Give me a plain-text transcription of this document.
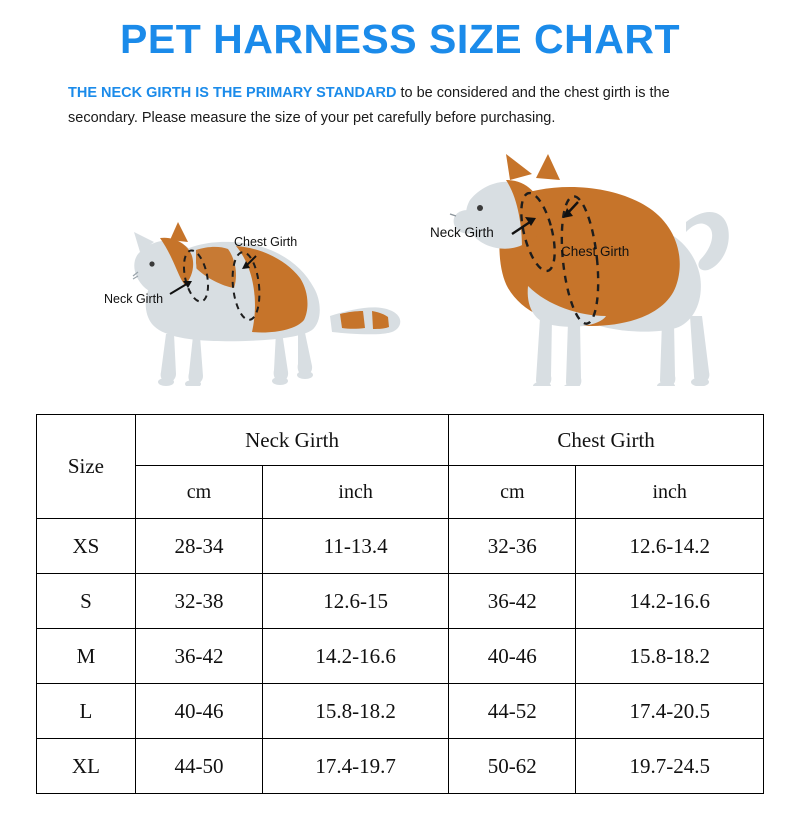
PET HARNESS SIZE CHART

THE NECK GIRTH IS THE PRIMARY STANDARD to be considered and the chest girth is the secondary. Please measure the size of your pet carefully before purchasing.

Neck Girth
Chest Girth
Neck Girth
Chest Girth
Size	Neck Girth		Chest Girth	
	cm	inch	cm	inch
XS	28-34	11-13.4	32-36	12.6-14.2
S	32-38	12.6-15	36-42	14.2-16.6
M	36-42	14.2-16.6	40-46	15.8-18.2
L	40-46	15.8-18.2	44-52	17.4-20.5
XL	44-50	17.4-19.7	50-62	19.7-24.5
